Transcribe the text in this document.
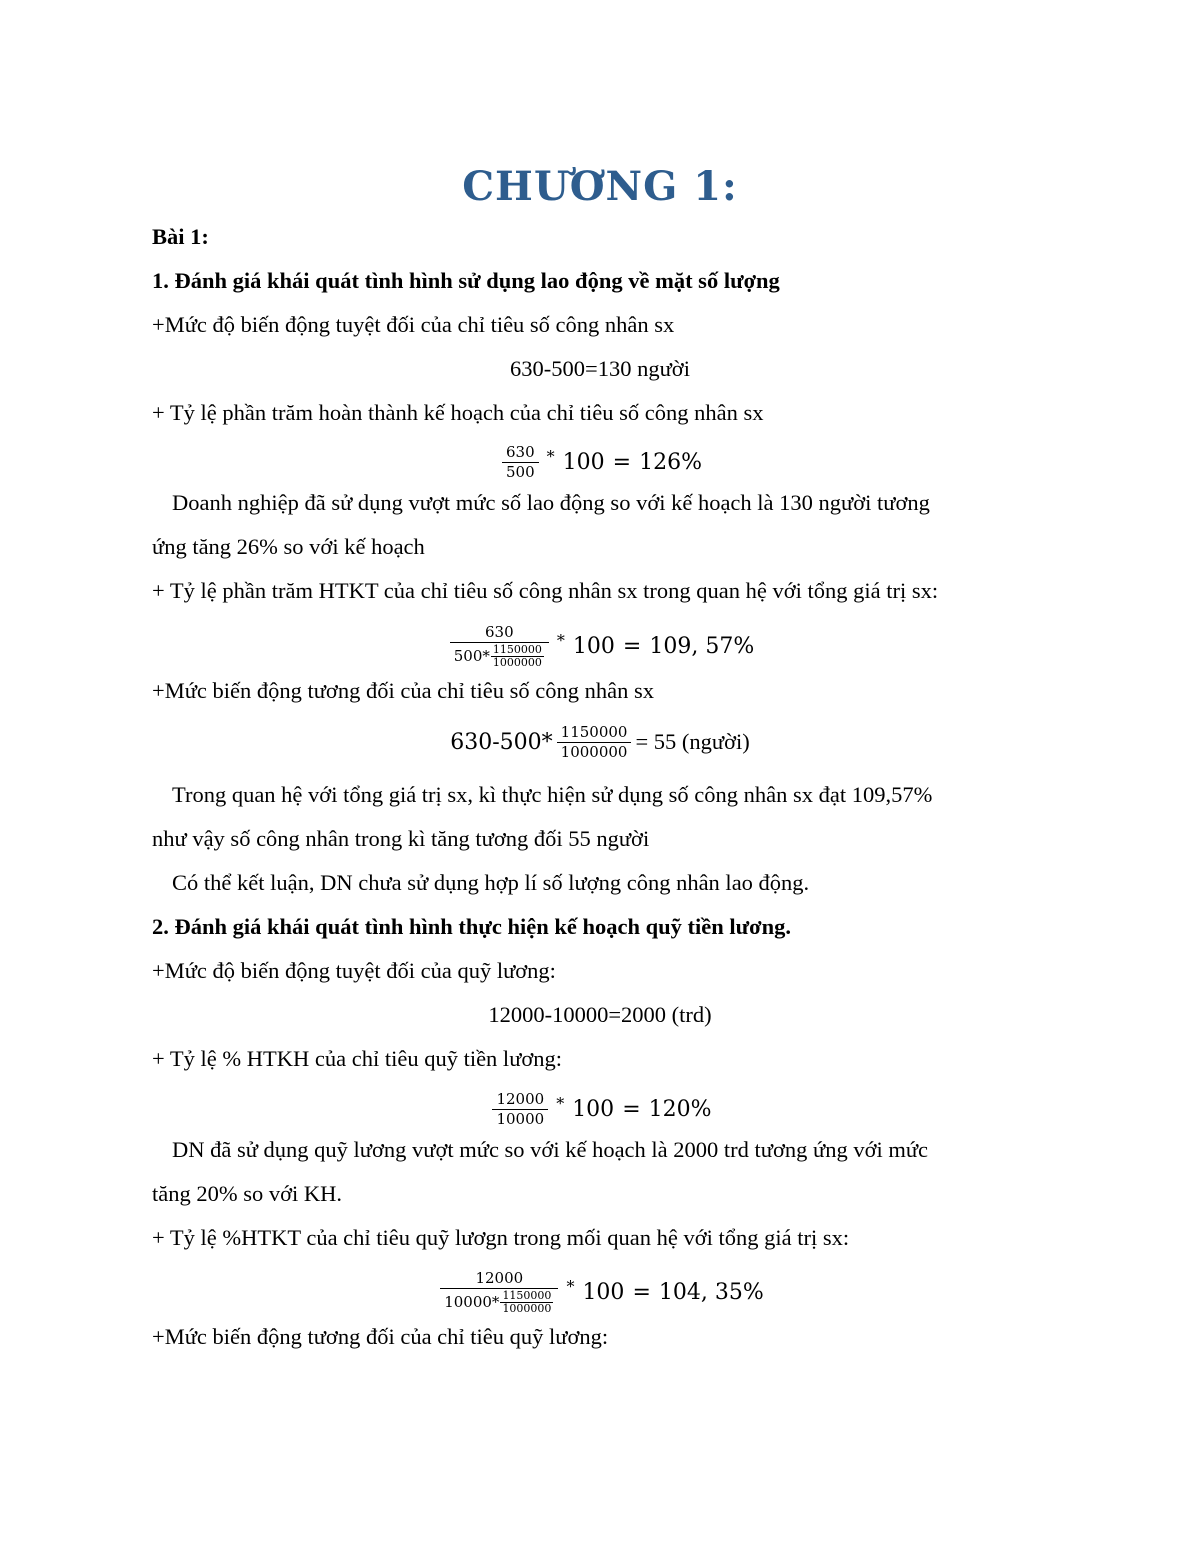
CHƯƠNG 1:
Bài 1:
1. Đánh giá khái quát tình hình sử dụng lao động về mặt số lượng
+Mức độ biến động tuyệt đối của chỉ tiêu số công nhân sx
630-500=130 người
+ Tỷ lệ phần trăm hoàn thành kế hoạch của chỉ tiêu số công nhân sx
$\frac{630}{500} * 100 = 126\%$
Doanh nghiệp đã sử dụng vượt mức số lao động so với kế hoạch là 130 người tương
ứng tăng 26% so với kế hoạch
+ Tỷ lệ phần trăm HTKT của chỉ tiêu số công nhân sx trong quan hệ với tổng giá trị sx:
$\frac{630}{500* \frac{1150000}{1000000}} * 100 = 109$, 57%
+Mức biến động tương đối của chỉ tiêu số công nhân sx
$630-500* \frac{1150000}{1000000} = 55$ (người)
Trong quan hệ với tổng giá trị sx, kì thực hiện sử dụng số công nhân sx đạt 109,57%
như vậy số công nhân trong kì tăng tương đối 55 người
Có thể kết luận, DN chưa sử dụng hợp lí số lượng công nhân lao động.
2. Đánh giá khái quát tình hình thực hiện kế hoạch quỹ tiền lương.
+Mức độ biến động tuyệt đối của quỹ lương:
12000-10000=2000 (trd)
+ Tỷ lệ % HTKH của chỉ tiêu quỹ tiền lương:
$\frac{12000}{10000} * 100 = 120\%$
DN đã sử dụng quỹ lương vượt mức so với kế hoạch là 2000 trd tương ứng với mức
tăng 20% so với KH.
+ Tỷ lệ %HTKT của chỉ tiêu quỹ lươgn trong mối quan hệ với tổng giá trị sx:
$\frac{12000}{10000* \frac{1150000}{1000000}} * 100 = 104$, 35%
+Mức biến động tương đối của chỉ tiêu quỹ lương:
